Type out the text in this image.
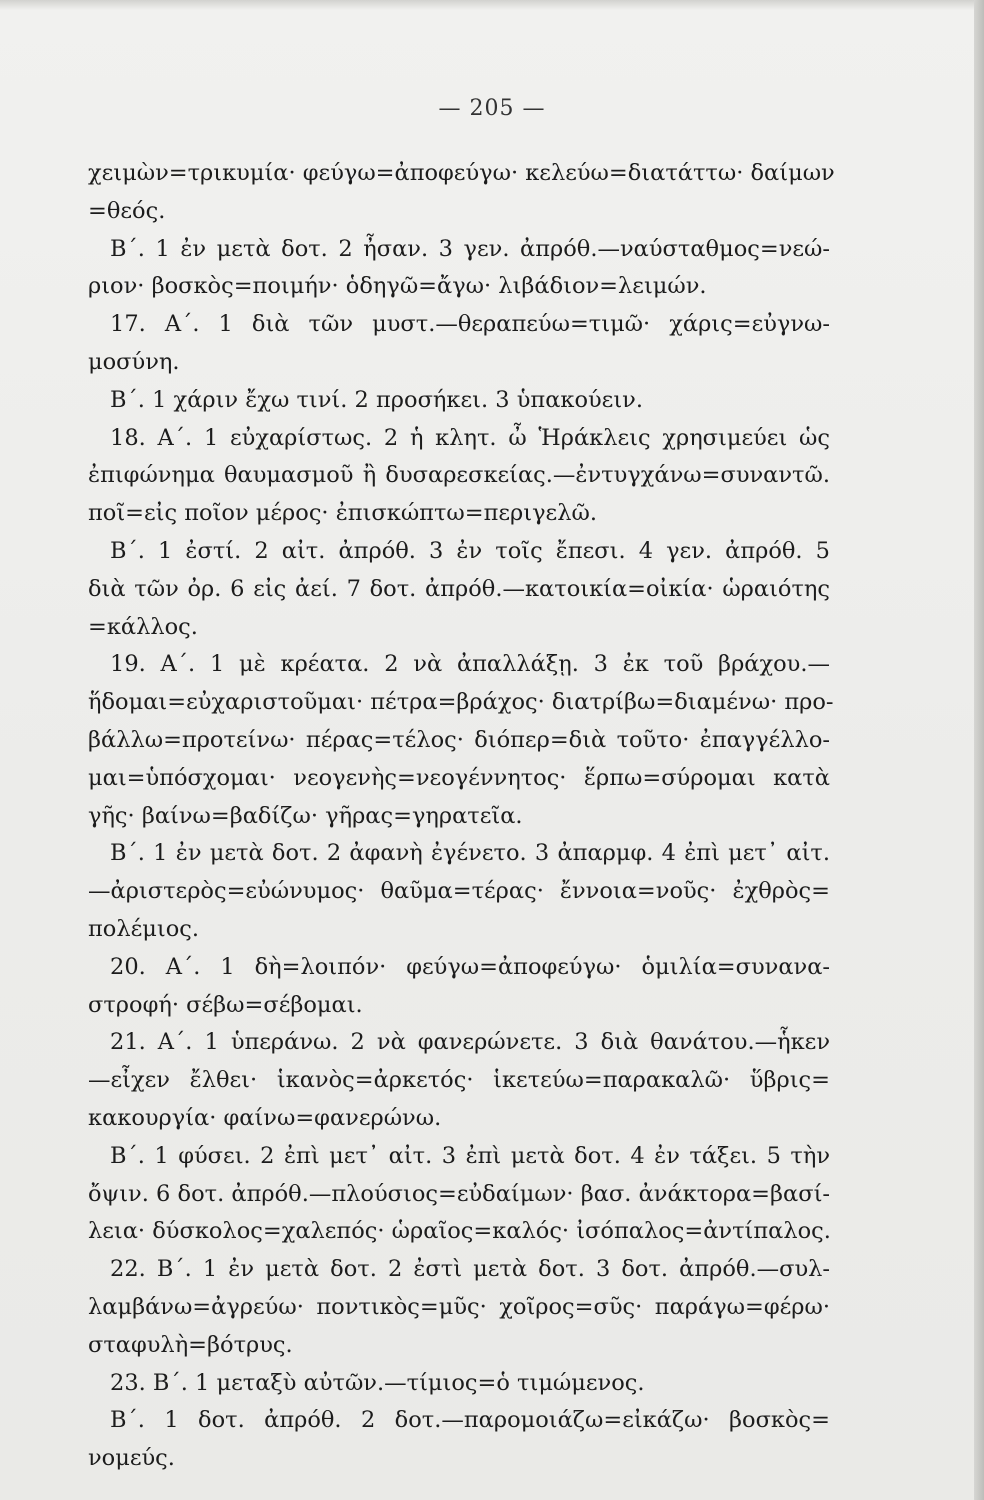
— 205 —
χειμὼν=τρικυμία· φεύγω=ἀποφεύγω· κελεύω=διατάττω· δαίμων
=θεός.
Β΄. 1 ἐν μετὰ δοτ. 2 ἦσαν. 3 γεν. ἀπρόθ.—ναύσταθμος=νεώ-
ριον· βοσκὸς=ποιμήν· ὁδηγῶ=ἄγω· λιβάδιον=λειμών.
17. Α΄. 1 διὰ τῶν μυστ.—θεραπεύω=τιμῶ· χάρις=εὐγνω-
μοσύνη.
Β΄. 1 χάριν ἔχω τινί. 2 προσήκει. 3 ὑπακούειν.
18. Α΄. 1 εὐχαρίστως. 2 ἡ κλητ. ὦ Ἡράκλεις χρησιμεύει ὡς
ἐπιφώνημα θαυμασμοῦ ἢ δυσαρεσκείας.—ἐντυγχάνω=συναντῶ.
ποῖ=εἰς ποῖον μέρος· ἐπισκώπτω=περιγελῶ.
Β΄. 1 ἐστί. 2 αἰτ. ἀπρόθ. 3 ἐν τοῖς ἔπεσι. 4 γεν. ἀπρόθ. 5
διὰ τῶν ὀρ. 6 εἰς ἀεί. 7 δοτ. ἀπρόθ.—κατοικία=οἰκία· ὡραιότης
=κάλλος.
19. Α΄. 1 μὲ κρέατα. 2 νὰ ἀπαλλάξῃ. 3 ἐκ τοῦ βράχου.—
ἥδομαι=εὐχαριστοῦμαι· πέτρα=βράχος· διατρίβω=διαμένω· προ-
βάλλω=προτείνω· πέρας=τέλος· διόπερ=διὰ τοῦτο· ἐπαγγέλλο-
μαι=ὑπόσχομαι· νεογενὴς=νεογέννητος· ἕρπω=σύρομαι κατὰ
γῆς· βαίνω=βαδίζω· γῆρας=γηρατεῖα.
Β΄. 1 ἐν μετὰ δοτ. 2 ἀφανὴ ἐγένετο. 3 ἀπαρμφ. 4 ἐπὶ μετ᾽ αἰτ.
—ἀριστερὸς=εὐώνυμος· θαῦμα=τέρας· ἔννοια=νοῦς· ἐχθρὸς=
πολέμιος.
20. Α΄. 1 δὴ=λοιπόν· φεύγω=ἀποφεύγω· ὁμιλία=συνανα-
στροφή· σέβω=σέβομαι.
21. Α΄. 1 ὑπεράνω. 2 νὰ φανερώνετε. 3 διὰ θανάτου.—ἧκεν
—εἶχεν ἔλθει· ἱκανὸς=ἀρκετός· ἱκετεύω=παρακαλῶ· ὕβρις=
κακουργία· φαίνω=φανερώνω.
Β΄. 1 φύσει. 2 ἐπὶ μετ᾽ αἰτ. 3 ἐπὶ μετὰ δοτ. 4 ἐν τάξει. 5 τὴν
ὄψιν. 6 δοτ. ἀπρόθ.—πλούσιος=εὐδαίμων· βασ. ἀνάκτορα=βασί-
λεια· δύσκολος=χαλεπός· ὡραῖος=καλός· ἰσόπαλος=ἀντίπαλος.
22. Β΄. 1 ἐν μετὰ δοτ. 2 ἐστὶ μετὰ δοτ. 3 δοτ. ἀπρόθ.—συλ-
λαμβάνω=ἀγρεύω· ποντικὸς=μῦς· χοῖρος=σῦς· παράγω=φέρω·
σταφυλὴ=βότρυς.
23. Β΄. 1 μεταξὺ αὐτῶν.—τίμιος=ὁ τιμώμενος.
Β΄. 1 δοτ. ἀπρόθ. 2 δοτ.—παρομοιάζω=εἰκάζω· βοσκὸς=
νομεύς.
